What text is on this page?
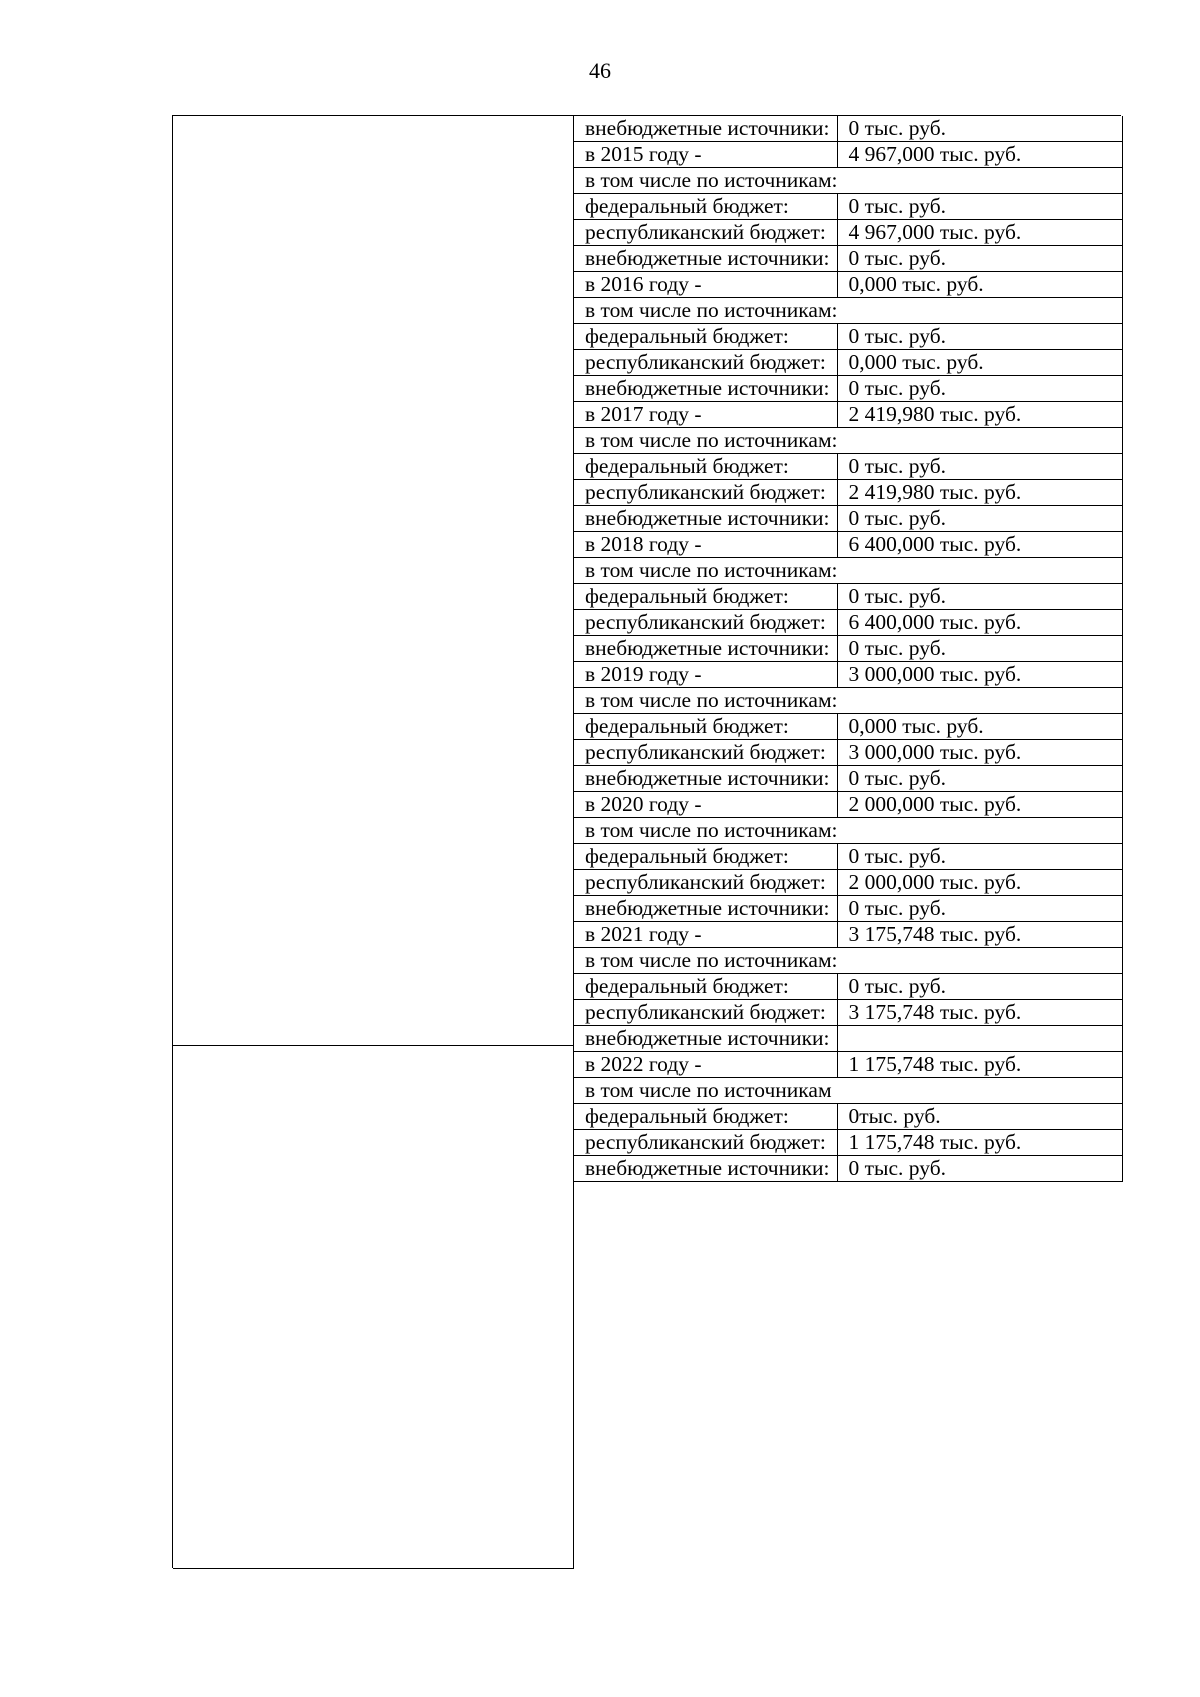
46
внебюджетные источники:	0 тыс. руб.
в 2015 году -	4 967,000 тыс. руб.
в том числе по источникам:	
федеральный бюджет:	0 тыс. руб.
республиканский бюджет:	4 967,000 тыс. руб.
внебюджетные источники:	0 тыс. руб.
в 2016 году -	0,000 тыс. руб.
в том числе по источникам:	
федеральный бюджет:	0 тыс. руб.
республиканский бюджет:	0,000 тыс. руб.
внебюджетные источники:	0 тыс. руб.
в 2017 году -	2 419,980 тыс. руб.
в том числе по источникам:	
федеральный бюджет:	0 тыс. руб.
республиканский бюджет:	2 419,980 тыс. руб.
внебюджетные источники:	0 тыс. руб.
в 2018 году -	6 400,000 тыс. руб.
в том числе по источникам:	
федеральный бюджет:	0 тыс. руб.
республиканский бюджет:	6 400,000 тыс. руб.
внебюджетные источники:	0 тыс. руб.
в 2019 году -	3 000,000 тыс. руб.
в том числе по источникам:	
федеральный бюджет:	0,000 тыс. руб.
республиканский бюджет:	3 000,000 тыс. руб.
внебюджетные источники:	0 тыс. руб.
в 2020 году -	2 000,000 тыс. руб.
в том числе по источникам:	
федеральный бюджет:	0 тыс. руб.
республиканский бюджет:	2 000,000 тыс. руб.
внебюджетные источники:	0 тыс. руб.
в 2021 году -	3 175,748 тыс. руб.
в том числе по источникам:	
федеральный бюджет:	0 тыс. руб.
республиканский бюджет:	3 175,748 тыс. руб.
внебюджетные источники:	
в 2022 году -	1 175,748 тыс. руб.
в том числе по источникам	
федеральный бюджет:	0тыс. руб.
республиканский бюджет:	1 175,748 тыс. руб.
внебюджетные источники:	0 тыс. руб.
